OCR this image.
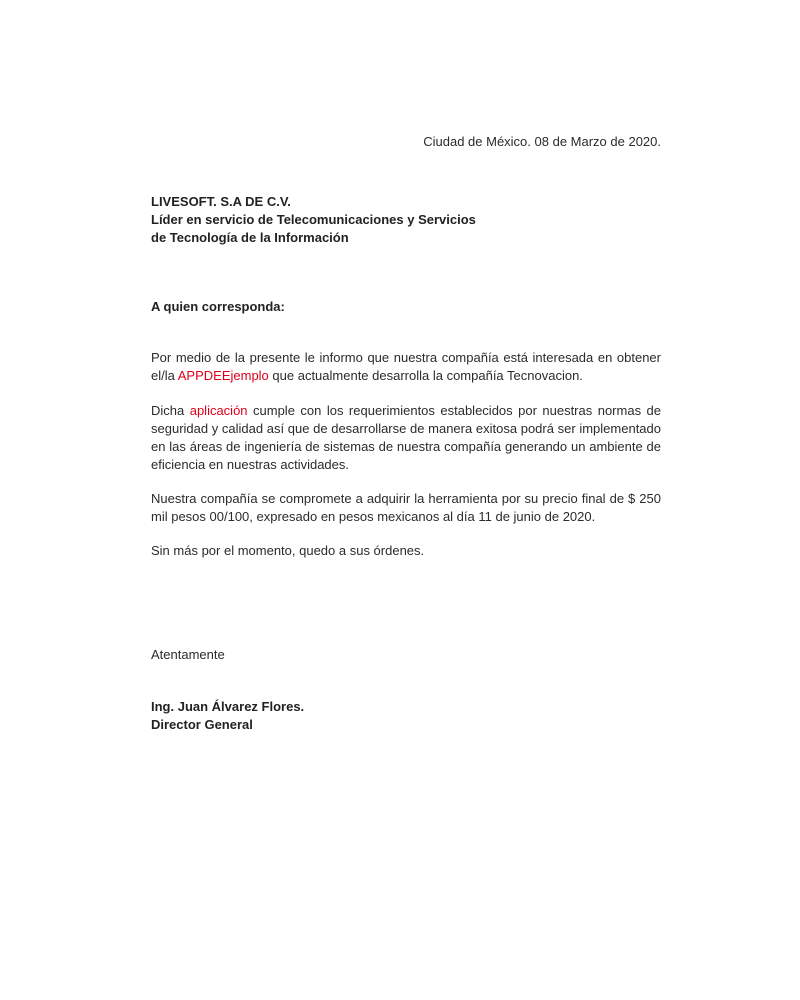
Ciudad de México. 08 de Marzo de 2020.
LIVESOFT. S.A DE C.V.
Líder en servicio de Telecomunicaciones y Servicios
de Tecnología de la Información
A quien corresponda:

Por medio de la presente le informo que nuestra compañía está interesada en obtener el/la APPDEEjemplo que actualmente desarrolla la compañía Tecnovacion.

Dicha aplicación cumple con los requerimientos establecidos por nuestras normas de seguridad y calidad así que de desarrollarse de manera exitosa podrá ser implementado en las áreas de ingeniería de sistemas de nuestra compañía generando un ambiente de eficiencia en nuestras actividades.

Nuestra compañía se compromete a adquirir la herramienta por su precio final de $ 250 mil pesos 00/100, expresado en pesos mexicanos al día 11 de junio de 2020.

Sin más por el momento, quedo a sus órdenes.

Atentamente
Ing. Juan Álvarez Flores.
Director General
